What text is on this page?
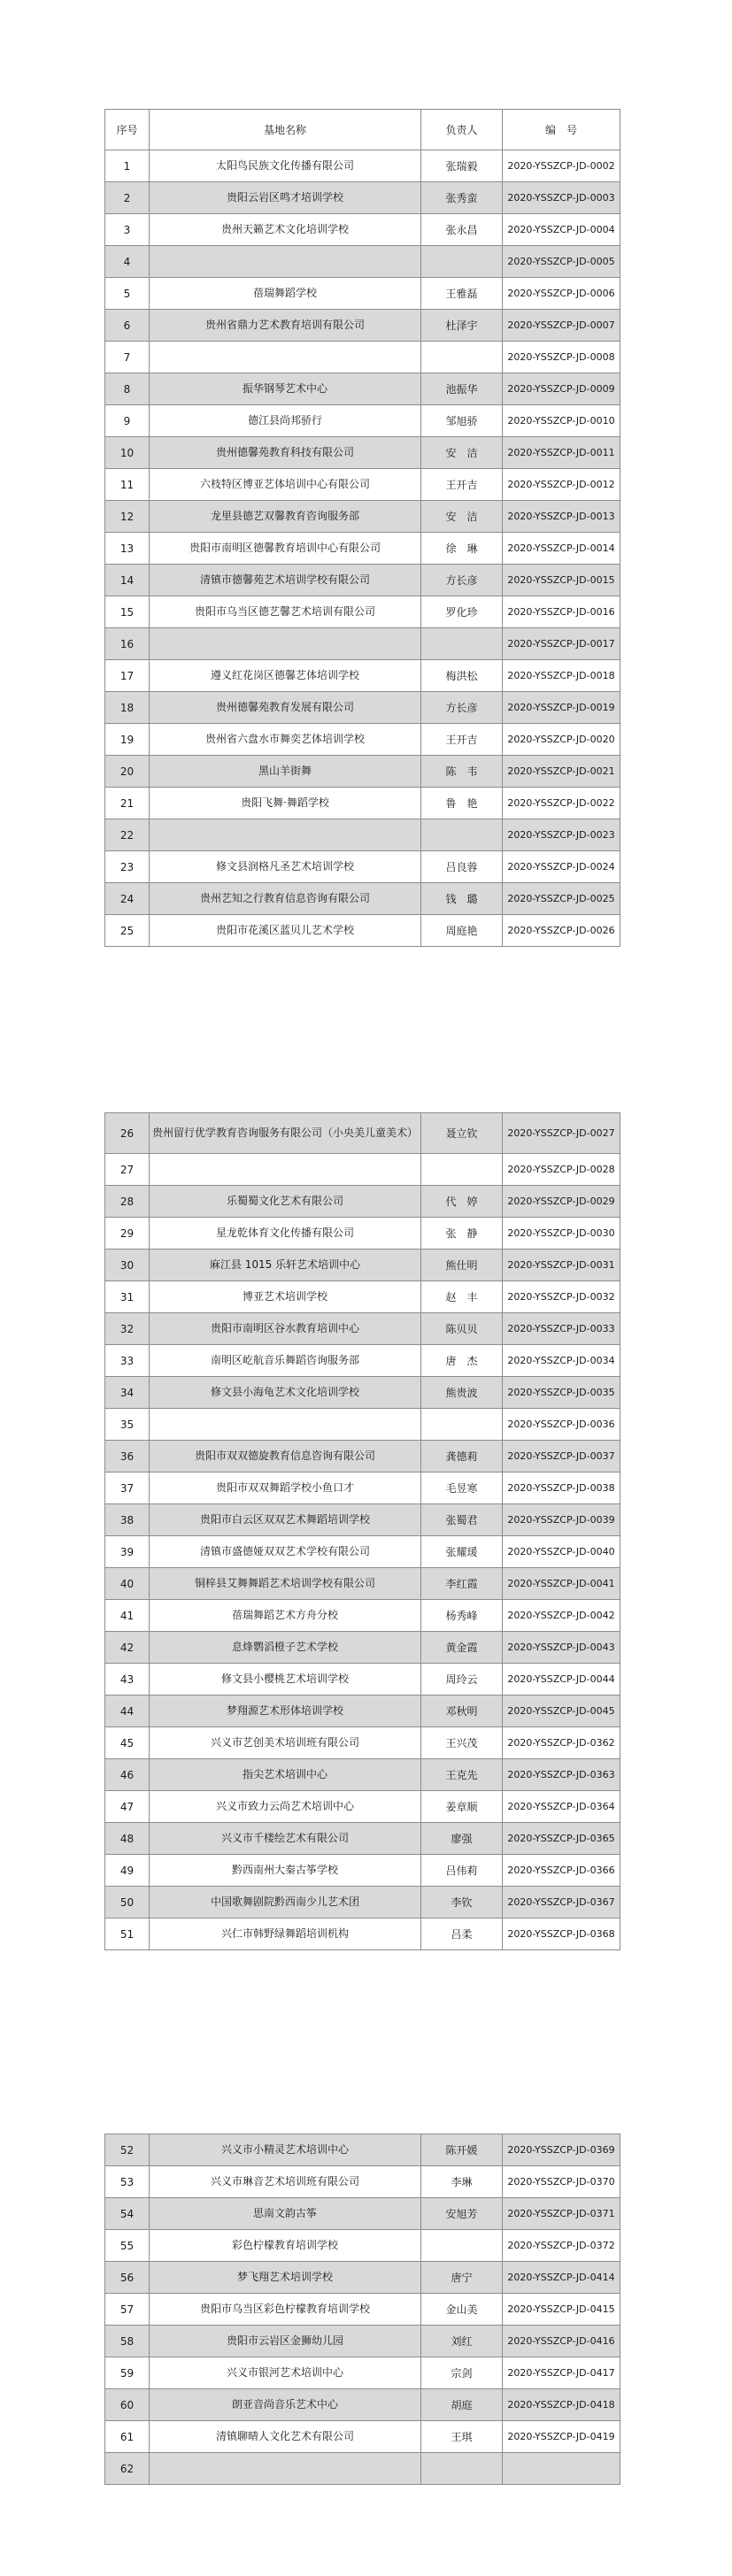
序号	基地名称	负责人	编　号
1	太阳鸟民族文化传播有限公司	张瑞毅	2020-YSSZCP-JD-0002
2	贵阳云岩区鸣才培训学校	张秀蛮	2020-YSSZCP-JD-0003
3	贵州天籁艺术文化培训学校	张永昌	2020-YSSZCP-JD-0004
4			2020-YSSZCP-JD-0005
5	蓓瑞舞蹈学校	王雅磊	2020-YSSZCP-JD-0006
6	贵州省鼎力艺术教育培训有限公司	杜泽宇	2020-YSSZCP-JD-0007
7			2020-YSSZCP-JD-0008
8	振华钢琴艺术中心	池振华	2020-YSSZCP-JD-0009
9	德江县尚邦骄行	邹旭骄	2020-YSSZCP-JD-0010
10	贵州德馨苑教育科技有限公司	安　洁	2020-YSSZCP-JD-0011
11	六枝特区博亚艺体培训中心有限公司	王开吉	2020-YSSZCP-JD-0012
12	龙里县德艺双馨教育咨询服务部	安　洁	2020-YSSZCP-JD-0013
13	贵阳市南明区德馨教育培训中心有限公司	徐　琳	2020-YSSZCP-JD-0014
14	清镇市德馨苑艺术培训学校有限公司	方长彦	2020-YSSZCP-JD-0015
15	贵阳市乌当区德艺馨艺术培训有限公司	罗化珍	2020-YSSZCP-JD-0016
16			2020-YSSZCP-JD-0017
17	遵义红花岗区德馨艺体培训学校	梅洪松	2020-YSSZCP-JD-0018
18	贵州德馨苑教育发展有限公司	方长彦	2020-YSSZCP-JD-0019
19	贵州省六盘水市舞奕艺体培训学校	王开吉	2020-YSSZCP-JD-0020
20	黑山羊街舞	陈　韦	2020-YSSZCP-JD-0021
21	贵阳飞舞·舞蹈学校	鲁　艳	2020-YSSZCP-JD-0022
22			2020-YSSZCP-JD-0023
23	修文县润格凡圣艺术培训学校	吕良蓉	2020-YSSZCP-JD-0024
24	贵州艺知之行教育信息咨询有限公司	钱　璐	2020-YSSZCP-JD-0025
25	贵阳市花溪区蓝贝儿艺术学校	周庭艳	2020-YSSZCP-JD-0026
26	贵州留行优学教育咨询服务有限公司（小央美儿童美术）	聂立钦	2020-YSSZCP-JD-0027
27			2020-YSSZCP-JD-0028
28	乐蜀蜀文化艺术有限公司	代　婷	2020-YSSZCP-JD-0029
29	星龙乾体育文化传播有限公司	张　静	2020-YSSZCP-JD-0030
30	麻江县 1015 乐轩艺术培训中心	熊仕明	2020-YSSZCP-JD-0031
31	博亚艺术培训学校	赵　丰	2020-YSSZCP-JD-0032
32	贵阳市南明区谷水教育培训中心	陈贝贝	2020-YSSZCP-JD-0033
33	南明区屹航音乐舞蹈咨询服务部	唐　杰	2020-YSSZCP-JD-0034
34	修文县小海龟艺术文化培训学校	熊贵波	2020-YSSZCP-JD-0035
35			2020-YSSZCP-JD-0036
36	贵阳市双双德旋教育信息咨询有限公司	龚德莉	2020-YSSZCP-JD-0037
37	贵阳市双双舞蹈学校小鱼口才	毛昱寒	2020-YSSZCP-JD-0038
38	贵阳市白云区双双艺术舞蹈培训学校	张蜀君	2020-YSSZCP-JD-0039
39	清镇市盛德娅双双艺术学校有限公司	张耀瑗	2020-YSSZCP-JD-0040
40	铜梓县艾舞舞蹈艺术培训学校有限公司	李红霞	2020-YSSZCP-JD-0041
41	蓓瑞舞蹈艺术方舟分校	杨秀峰	2020-YSSZCP-JD-0042
42	息烽鹦滔橙子艺术学校	黄金霞	2020-YSSZCP-JD-0043
43	修文县小樱桃艺术培训学校	周玲云	2020-YSSZCP-JD-0044
44	梦翔源艺术形体培训学校	邓秋明	2020-YSSZCP-JD-0045
45	兴义市艺创美术培训班有限公司	王兴茂	2020-YSSZCP-JD-0362
46	指尖艺术培训中心	王克先	2020-YSSZCP-JD-0363
47	兴义市致力云尚艺术培训中心	姜章顺	2020-YSSZCP-JD-0364
48	兴义市千楼绘艺术有限公司	廖强	2020-YSSZCP-JD-0365
49	黔西南州大秦古筝学校	吕伟莉	2020-YSSZCP-JD-0366
50	中国歌舞剧院黔西南少儿艺术团	李钦	2020-YSSZCP-JD-0367
51	兴仁市韩野绿舞蹈培训机构	吕柔	2020-YSSZCP-JD-0368
52	兴义市小精灵艺术培训中心	陈开媛	2020-YSSZCP-JD-0369
53	兴义市琳音艺术培训班有限公司	李琳	2020-YSSZCP-JD-0370
54	思南文韵古筝	安旭芳	2020-YSSZCP-JD-0371
55	彩色柠檬教育培训学校		2020-YSSZCP-JD-0372
56	梦飞翔艺术培训学校	唐宁	2020-YSSZCP-JD-0414
57	贵阳市乌当区彩色柠檬教育培训学校	金山美	2020-YSSZCP-JD-0415
58	贵阳市云岩区金狮幼儿园	刘红	2020-YSSZCP-JD-0416
59	兴义市银河艺术培训中心	宗剑	2020-YSSZCP-JD-0417
60	朗亚音尚音乐艺术中心	胡庭	2020-YSSZCP-JD-0418
61	清镇聊晴人文化艺术有限公司	王琪	2020-YSSZCP-JD-0419
62			
